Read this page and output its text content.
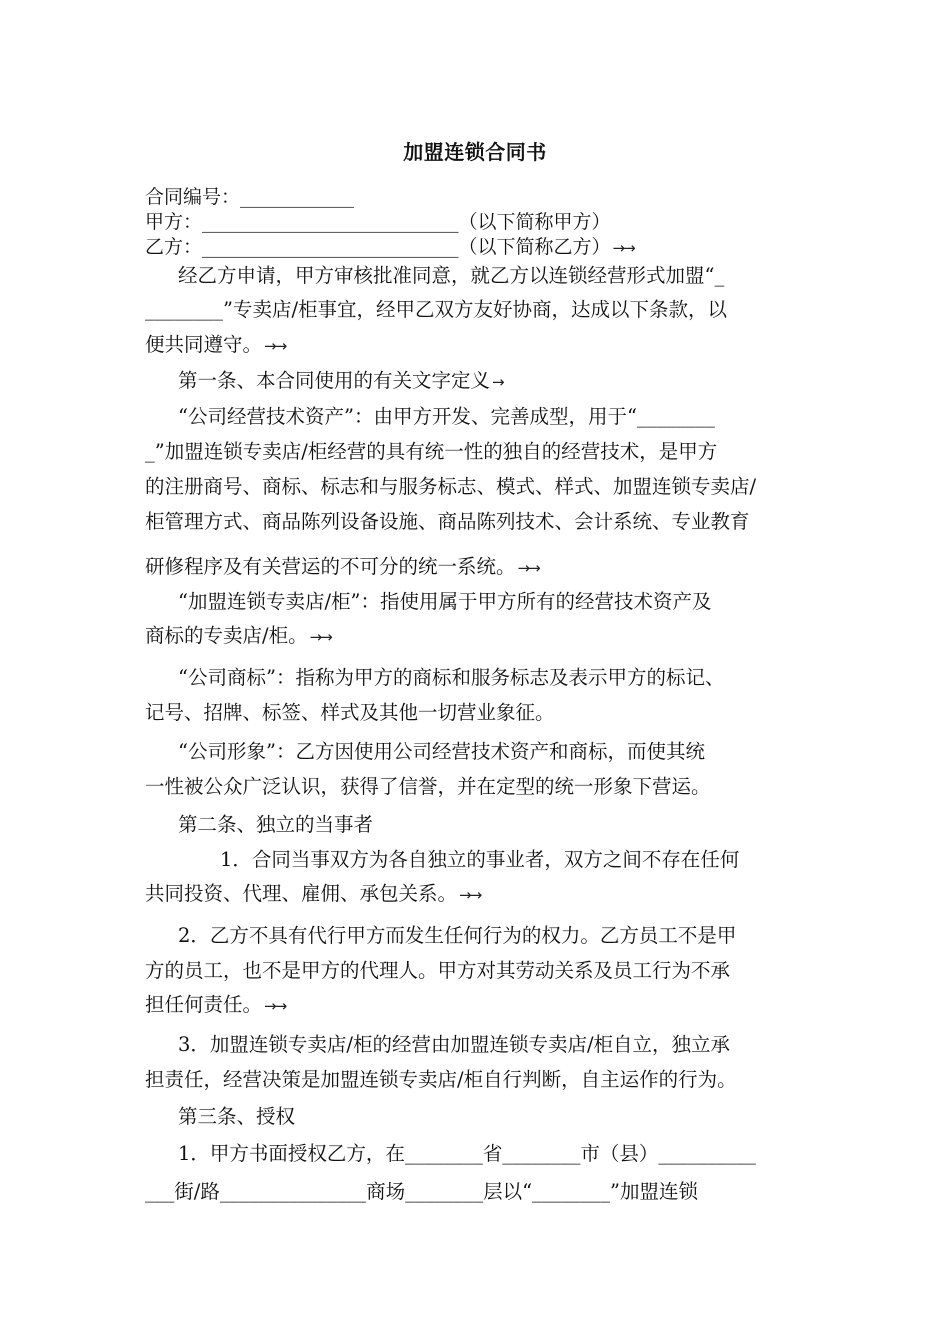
加盟连锁合同书
合同编号：____________
甲方：___________________________（以下简称甲方）
乙方：___________________________（以下简称乙方） →→
经乙方申请，甲方审核批准同意，就乙方以连锁经营形式加盟“_
________”专卖店/柜事宜，经甲乙双方友好协商，达成以下条款，以
便共同遵守。 →→
第一条、本合同使用的有关文字定义 →
“公司经营技术资产”：由甲方开发、完善成型，用于“________
_”加盟连锁专卖店/柜经营的具有统一性的独自的经营技术，是甲方
的注册商号、商标、标志和与服务标志、模式、样式、加盟连锁专卖店/
柜管理方式、商品陈列设备设施、商品陈列技术、会计系统、专业教育
研修程序及有关营运的不可分的统一系统。 →→
“加盟连锁专卖店/柜”：指使用属于甲方所有的经营技术资产及
商标的专卖店/柜。 →→
“公司商标”：指称为甲方的商标和服务标志及表示甲方的标记、
记号、招牌、标签、样式及其他一切营业象征。
“公司形象”：乙方因使用公司经营技术资产和商标，而使其统
一性被公众广泛认识，获得了信誉，并在定型的统一形象下营运。
第二条、独立的当事者
1．合同当事双方为各自独立的事业者，双方之间不存在任何
共同投资、代理、雇佣、承包关系。 →→
2．乙方不具有代行甲方而发生任何行为的权力。乙方员工不是甲
方的员工，也不是甲方的代理人。甲方对其劳动关系及员工行为不承
担任何责任。 →→
3．加盟连锁专卖店/柜的经营由加盟连锁专卖店/柜自立，独立承
担责任，经营决策是加盟连锁专卖店/柜自行判断，自主运作的行为。
第三条、授权
1．甲方书面授权乙方，在________省________市（县）__________
___街/路_______________商场________层以“________”加盟连锁
